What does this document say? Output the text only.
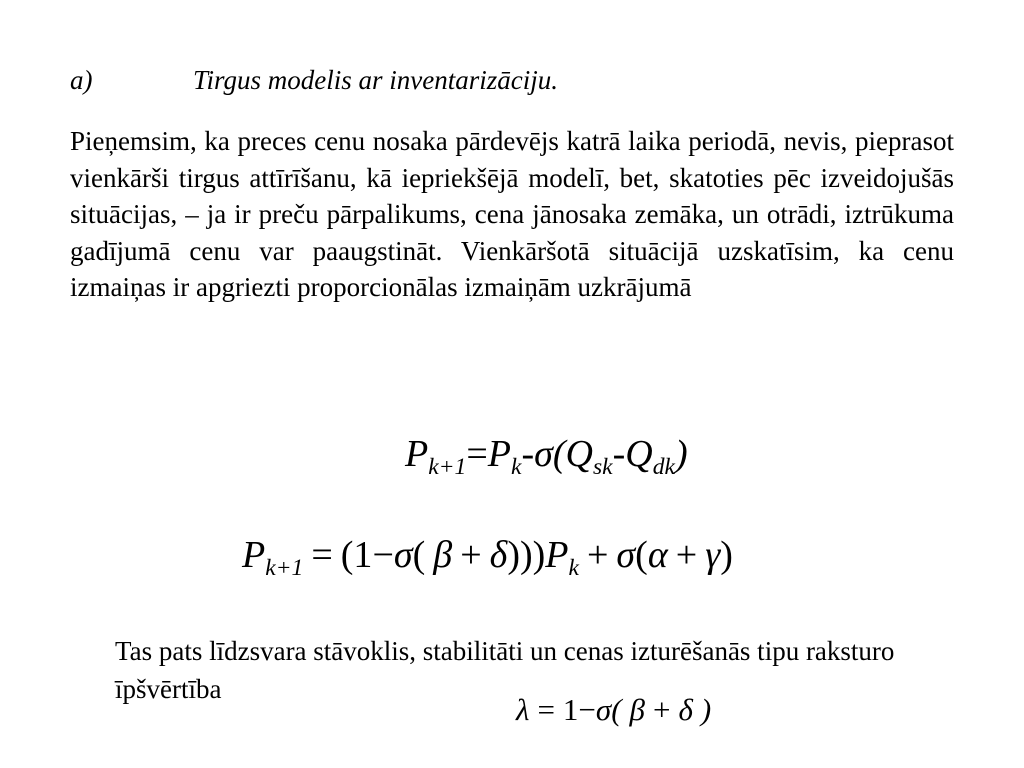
a)	Tirgus modelis ar inventarizāciju.
Pieņemsim, ka preces cenu nosaka pārdevējs katrā laika periodā, nevis, pieprasot vienkārši tirgus attīrīšanu, kā iepriekšējā modelī, bet, skatoties pēc izveidojušās situācijas, – ja ir preču pārpalikums, cena jānosaka zemāka, un otrādi, iztrūkuma gadījumā cenu var paaugstināt. Vienkāršotā situācijā uzskatīsim, ka cenu izmaiņas ir apgriezti proporcionālas izmaiņām uzkrājumā
$P_{k+1}=P_k-\sigma(Q_{sk}-Q_{dk})$
$P_{k+1} = (1-\sigma$( $\beta + \delta)))P_k + \sigma(\alpha + \gamma)$
Tas pats līdzsvara stāvoklis, stabilitāti un cenas izturēšanās tipu raksturo īpšvērtība
λ = 1−σ( β + δ )
